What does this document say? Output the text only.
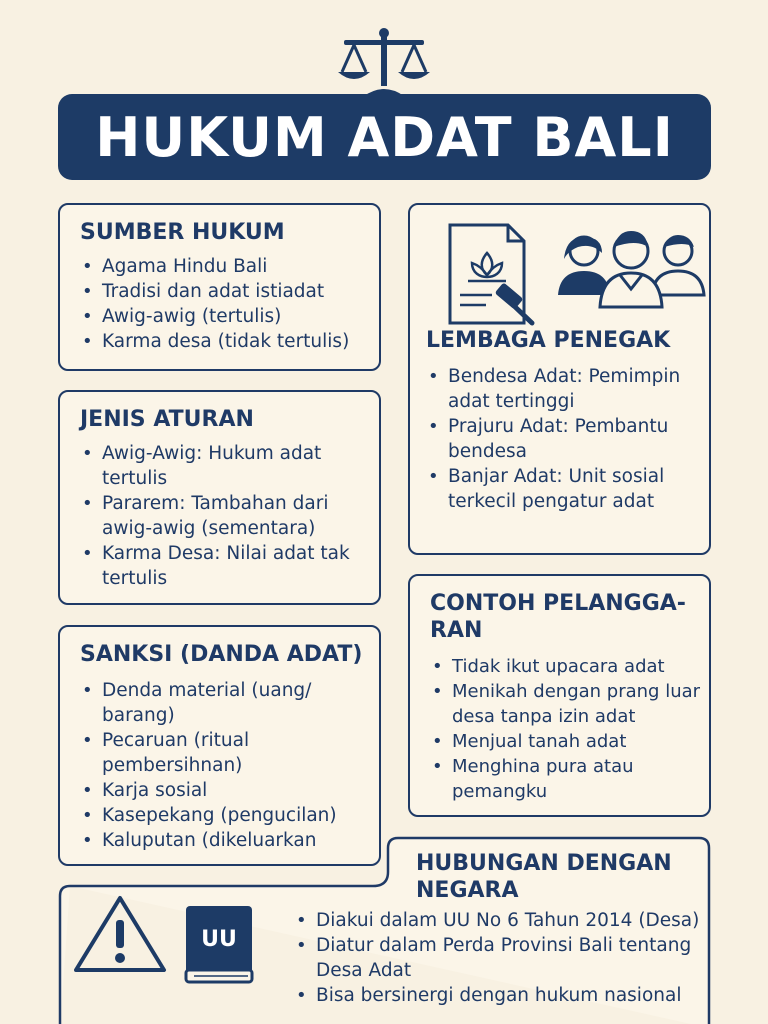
HUKUM ADAT BALI
SUMBER HUKUM
• Agama Hindu Bali
• Tradisi dan adat istiadat
• Awig-awig (tertulis)
• Karma desa (tidak tertulis)
JENIS ATURAN
• Awig-Awig: Hukum adat tertulis
• Pararem: Tambahan dari awig-awig (sementara)
• Karma Desa: Nilai adat tak tertulis
SANKSI (DANDA ADAT)
• Denda material (uang/ barang)
• Pecaruan (ritual pembersihnan)
• Karja sosial
• Kasepekang (pengucilan)
• Kaluputan (dikeluarkan
LEMBAGA PENEGAK
• Bendesa Adat: Pemimpin adat tertinggi
• Prajuru Adat: Pembantu bendesa
• Banjar Adat: Unit sosial terkecil pengatur adat
CONTOH PELANGGA-RAN
• Tidak ikut upacara adat
• Menikah dengan prang luar desa tanpa izin adat
• Menjual tanah adat
• Menghina pura atau pemangku
HUBUNGAN DENGAN NEGARA
UU
• Diakui dalam UU No 6 Tahun 2014 (Desa)
• Diatur dalam Perda Provinsi Bali tentang Desa Adat
• Bisa bersinergi dengan hukum nasional
